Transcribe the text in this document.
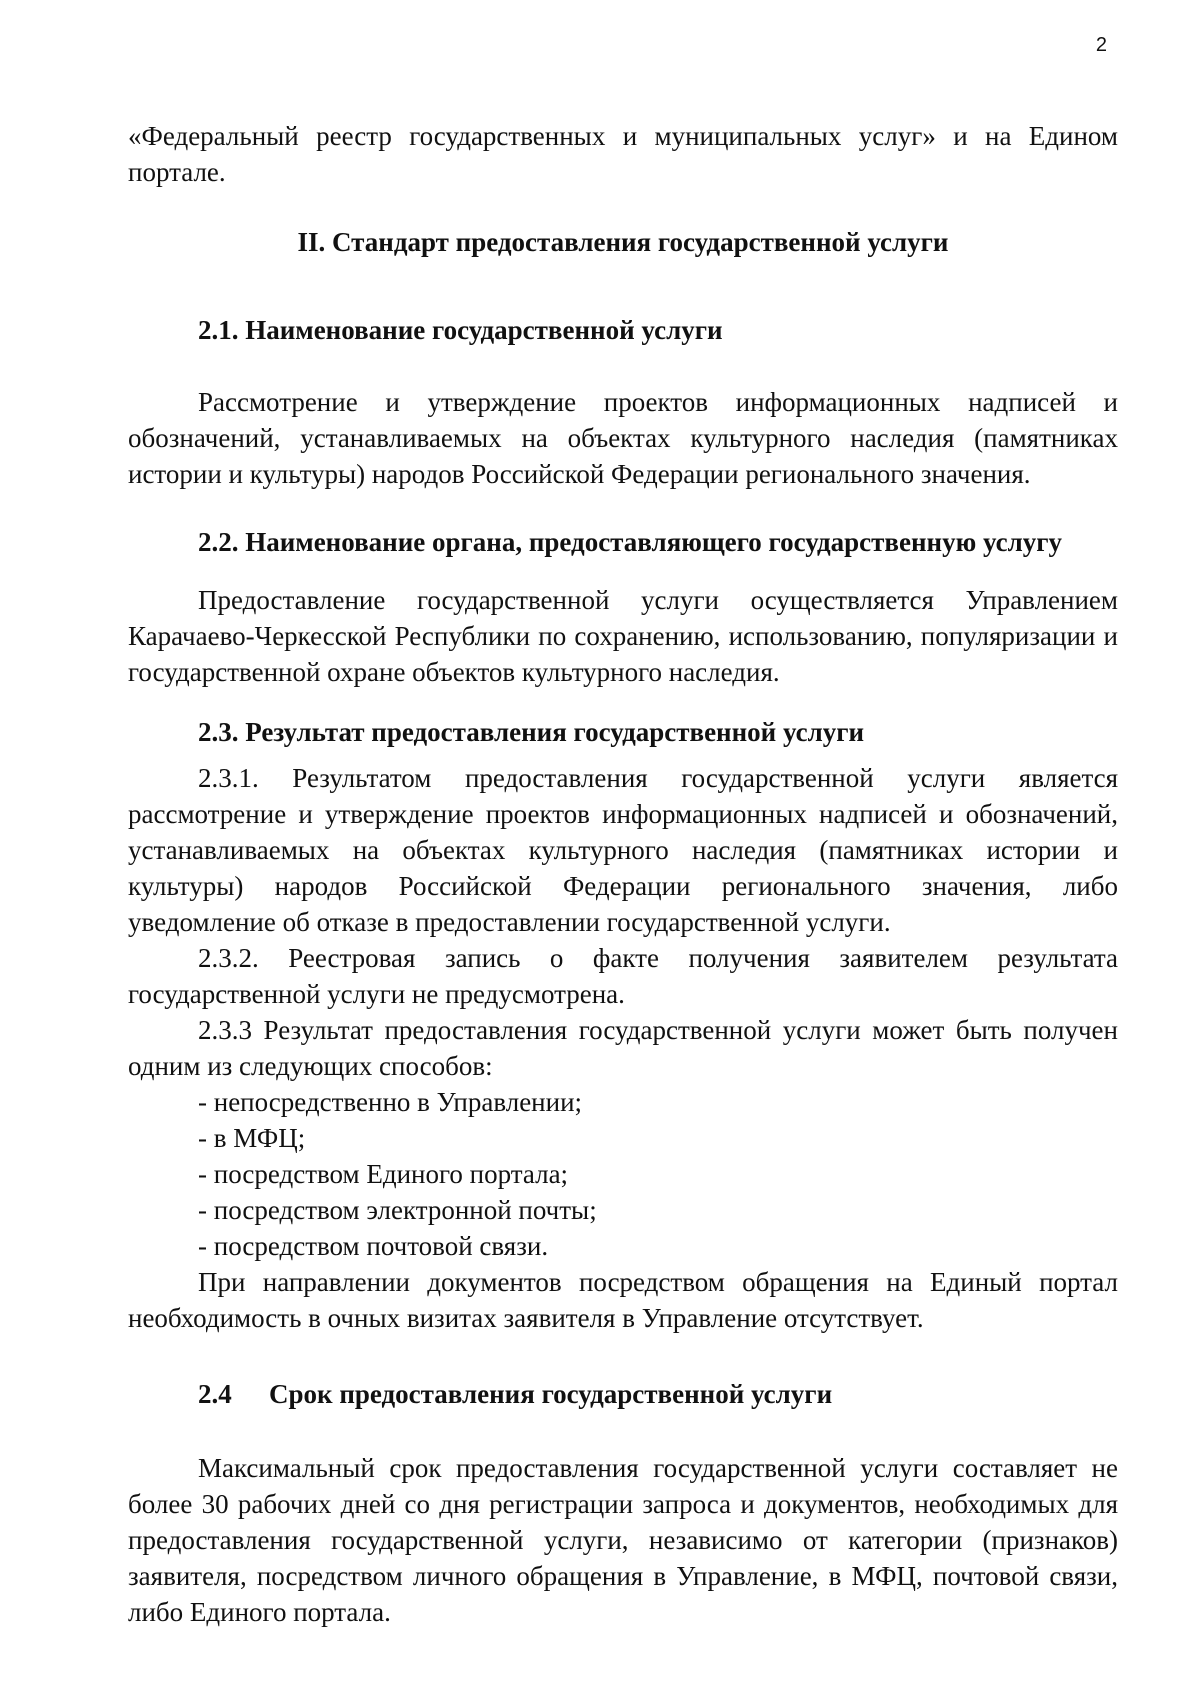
2

«Федеральный реестр государственных и муниципальных услуг» и на Едином портале.

II. Стандарт предоставления государственной услуги

2.1. Наименование государственной услуги

Рассмотрение и утверждение проектов информационных надписей и обозначений, устанавливаемых на объектах культурного наследия (памятниках истории и культуры) народов Российской Федерации регионального значения.

2.2. Наименование органа, предоставляющего государственную услугу

Предоставление государственной услуги осуществляется Управлением Карачаево-Черкесской Республики по сохранению, использованию, популяризации и государственной охране объектов культурного наследия.

2.3. Результат предоставления государственной услуги

2.3.1. Результатом предоставления государственной услуги является рассмотрение и утверждение проектов информационных надписей и обозначений, устанавливаемых на объектах культурного наследия (памятниках истории и культуры) народов Российской Федерации регионального значения, либо уведомление об отказе в предоставлении государственной услуги.

2.3.2. Реестровая запись о факте получения заявителем результата государственной услуги не предусмотрена.

2.3.3 Результат предоставления государственной услуги может быть получен одним из следующих способов:

- непосредственно в Управлении;

- в МФЦ;

- посредством Единого портала;

- посредством электронной почты;

- посредством почтовой связи.

При направлении документов посредством обращения на Единый портал необходимость в очных визитах заявителя в Управление отсутствует.

2.4 Срок предоставления государственной услуги

Максимальный срок предоставления государственной услуги составляет не более 30 рабочих дней со дня регистрации запроса и документов, необходимых для предоставления государственной услуги, независимо от категории (признаков) заявителя, посредством личного обращения в Управление, в МФЦ, почтовой связи, либо Единого портала.
